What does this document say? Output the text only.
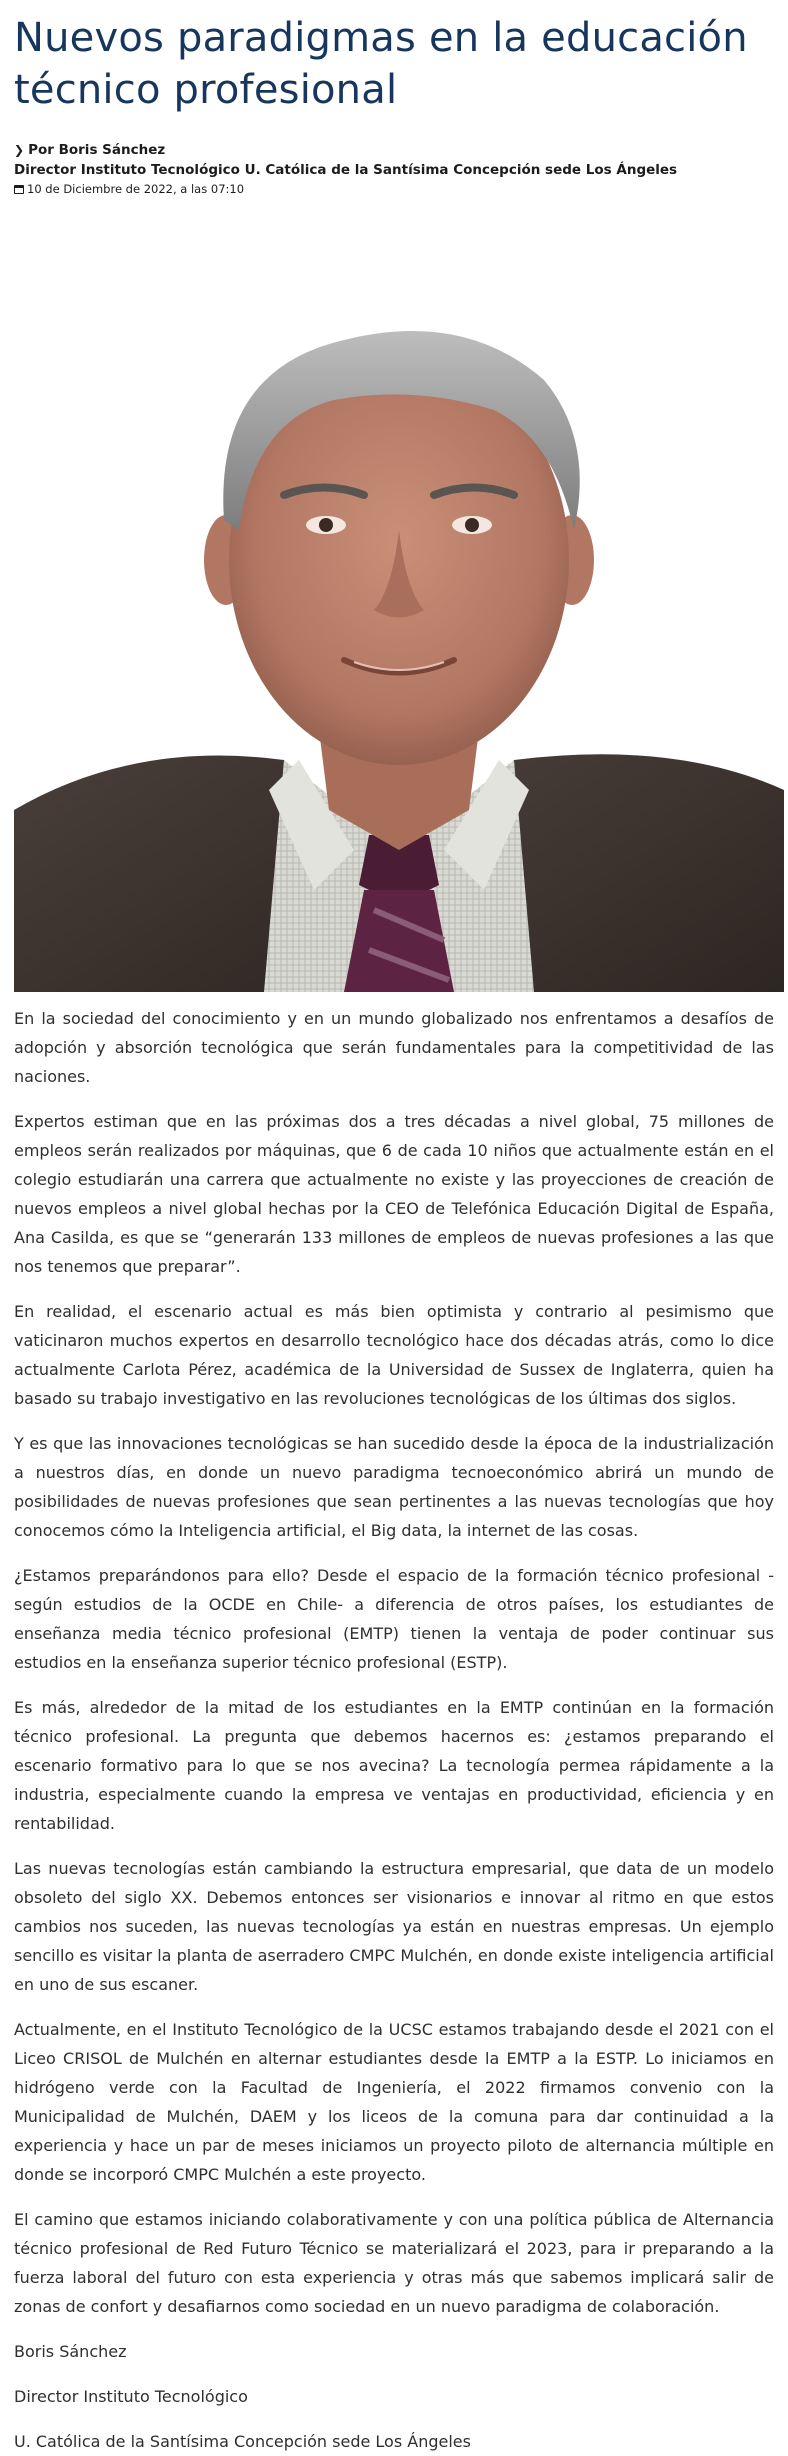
Nuevos paradigmas en la educación técnico profesional

❯ Por Boris Sánchez

Director Instituto Tecnológico U. Católica de la Santísima Concepción sede Los Ángeles

10 de Diciembre de 2022, a las 07:10

En la sociedad del conocimiento y en un mundo globalizado nos enfrentamos a desafíos de adopción y absorción tecnológica que serán fundamentales para la competitividad de las naciones.

Expertos estiman que en las próximas dos a tres décadas a nivel global, 75 millones de empleos serán realizados por máquinas, que 6 de cada 10 niños que actualmente están en el colegio estudiarán una carrera que actualmente no existe y las proyecciones de creación de nuevos empleos a nivel global hechas por la CEO de Telefónica Educación Digital de España, Ana Casilda, es que se “generarán 133 millones de empleos de nuevas profesiones a las que nos tenemos que preparar”.

En realidad, el escenario actual es más bien optimista y contrario al pesimismo que vaticinaron muchos expertos en desarrollo tecnológico hace dos décadas atrás, como lo dice actualmente Carlota Pérez, académica de la Universidad de Sussex de Inglaterra, quien ha basado su trabajo investigativo en las revoluciones tecnológicas de los últimas dos siglos.

Y es que las innovaciones tecnológicas se han sucedido desde la época de la industrialización a nuestros días, en donde un nuevo paradigma tecnoeconómico abrirá un mundo de posibilidades de nuevas profesiones que sean pertinentes a las nuevas tecnologías que hoy conocemos cómo la Inteligencia artificial, el Big data, la internet de las cosas.

¿Estamos preparándonos para ello? Desde el espacio de la formación técnico profesional -según estudios de la OCDE en Chile- a diferencia de otros países, los estudiantes de enseñanza media técnico profesional (EMTP) tienen la ventaja de poder continuar sus estudios en la enseñanza superior técnico profesional (ESTP).

Es más, alrededor de la mitad de los estudiantes en la EMTP continúan en la formación técnico profesional. La pregunta que debemos hacernos es: ¿estamos preparando el escenario formativo para lo que se nos avecina? La tecnología permea rápidamente a la industria, especialmente cuando la empresa ve ventajas en productividad, eficiencia y en rentabilidad.

Las nuevas tecnologías están cambiando la estructura empresarial, que data de un modelo obsoleto del siglo XX. Debemos entonces ser visionarios e innovar al ritmo en que estos cambios nos suceden, las nuevas tecnologías ya están en nuestras empresas. Un ejemplo sencillo es visitar la planta de aserradero CMPC Mulchén, en donde existe inteligencia artificial en uno de sus escaner.

Actualmente, en el Instituto Tecnológico de la UCSC estamos trabajando desde el 2021 con el Liceo CRISOL de Mulchén en alternar estudiantes desde la EMTP a la ESTP. Lo iniciamos en hidrógeno verde con la Facultad de Ingeniería, el 2022 firmamos convenio con la Municipalidad de Mulchén, DAEM y los liceos de la comuna para dar continuidad a la experiencia y hace un par de meses iniciamos un proyecto piloto de alternancia múltiple en donde se incorporó CMPC Mulchén a este proyecto.

El camino que estamos iniciando colaborativamente y con una política pública de Alternancia técnico profesional de Red Futuro Técnico se materializará el 2023, para ir preparando a la fuerza laboral del futuro con esta experiencia y otras más que sabemos implicará salir de zonas de confort y desafiarnos como sociedad en un nuevo paradigma de colaboración.

Boris Sánchez

Director Instituto Tecnológico

U. Católica de la Santísima Concepción sede Los Ángeles
